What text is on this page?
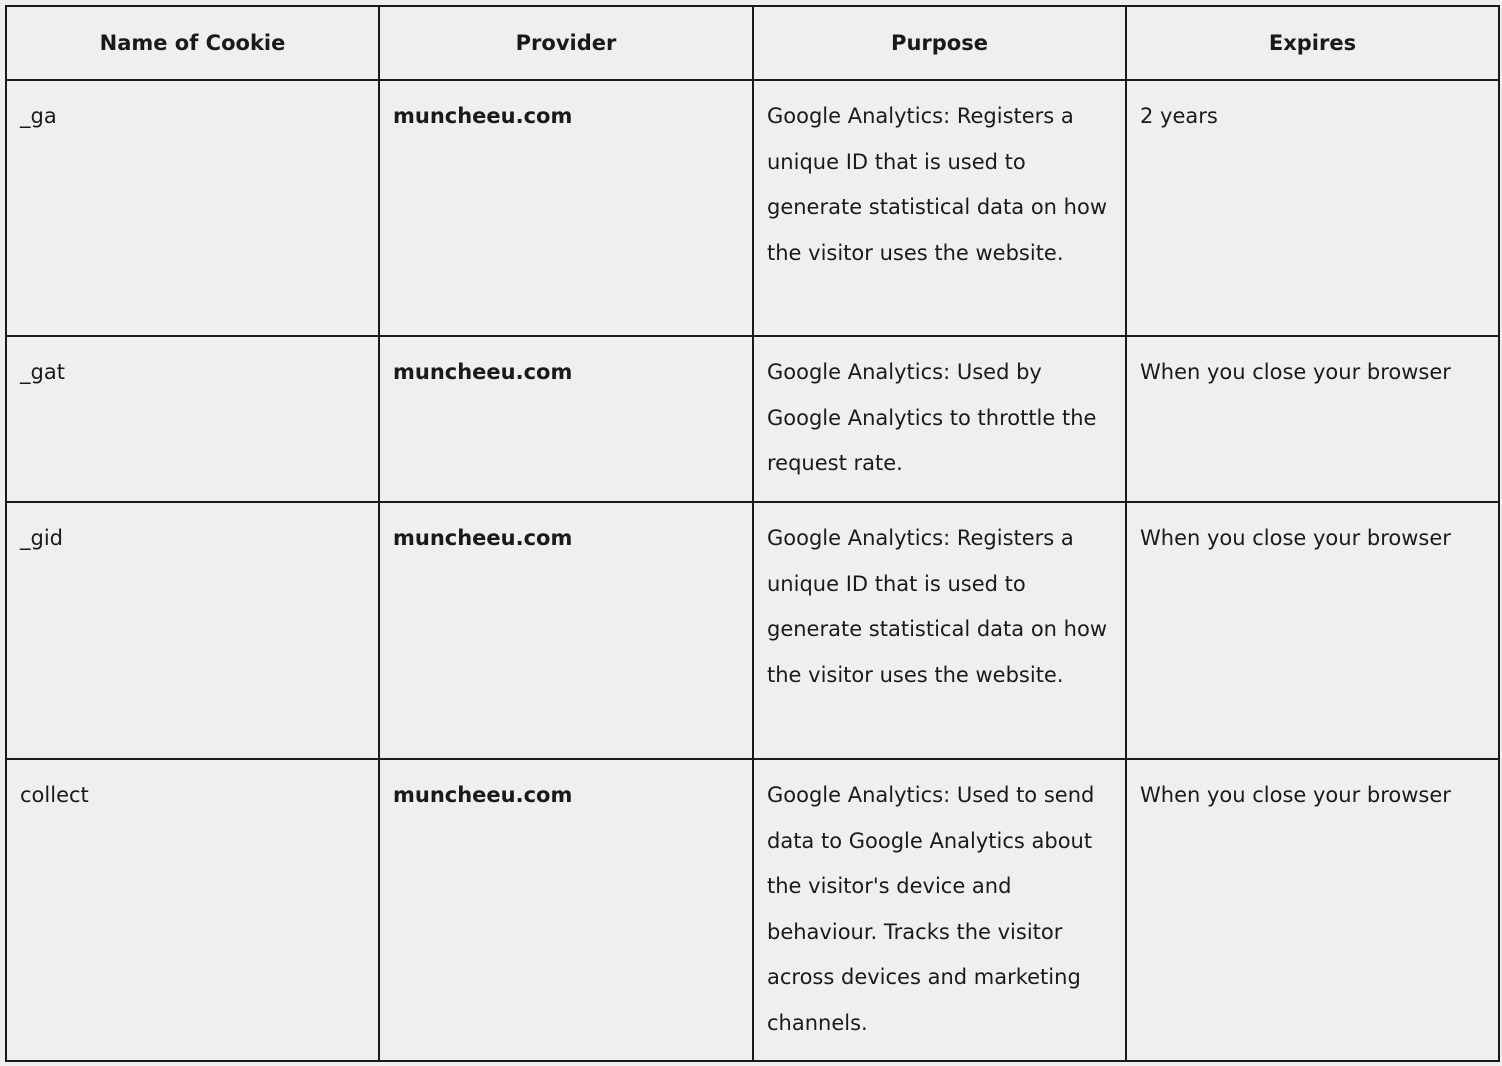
Name of Cookie	Provider	Purpose	Expires
_ga	muncheeu.com	Google Analytics: Registers a unique ID that is used to generate statistical data on how the visitor uses the website.	2 years
_gat	muncheeu.com	Google Analytics: Used by Google Analytics to throttle the request rate.	When you close your browser
_gid	muncheeu.com	Google Analytics: Registers a unique ID that is used to generate statistical data on how the visitor uses the website.	When you close your browser
collect	muncheeu.com	Google Analytics: Used to send data to Google Analytics about the visitor's device and behaviour. Tracks the visitor across devices and marketing channels.	When you close your browser
